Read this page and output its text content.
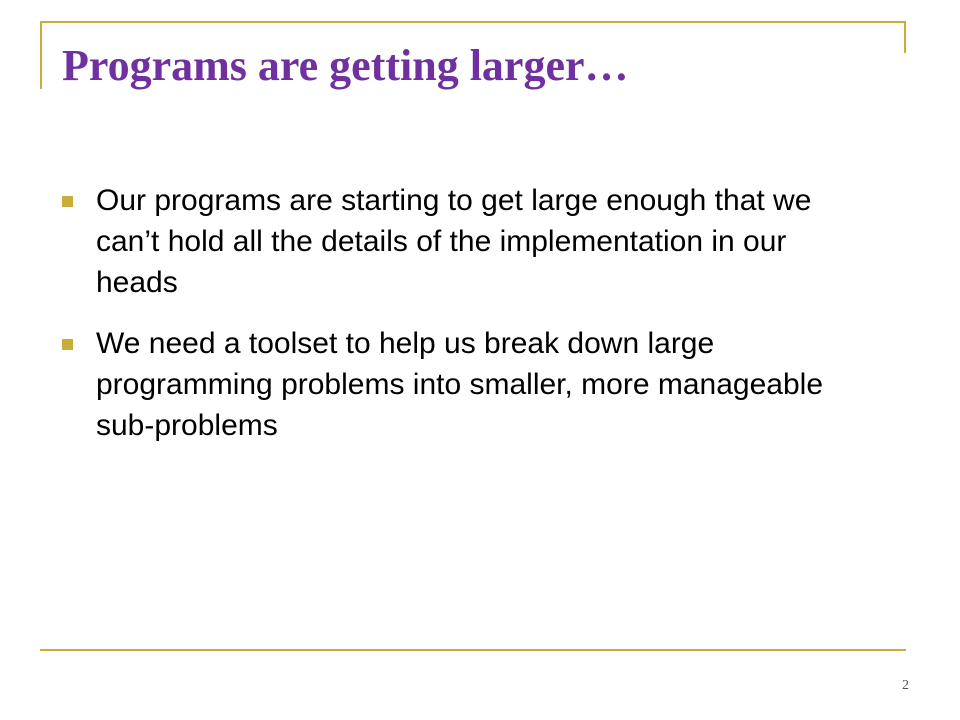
Programs are getting larger…
Our programs are starting to get large enough that we can’t hold all the details of the implementation in our heads
We need a toolset to help us break down large programming problems into smaller, more manageable sub-problems
2
